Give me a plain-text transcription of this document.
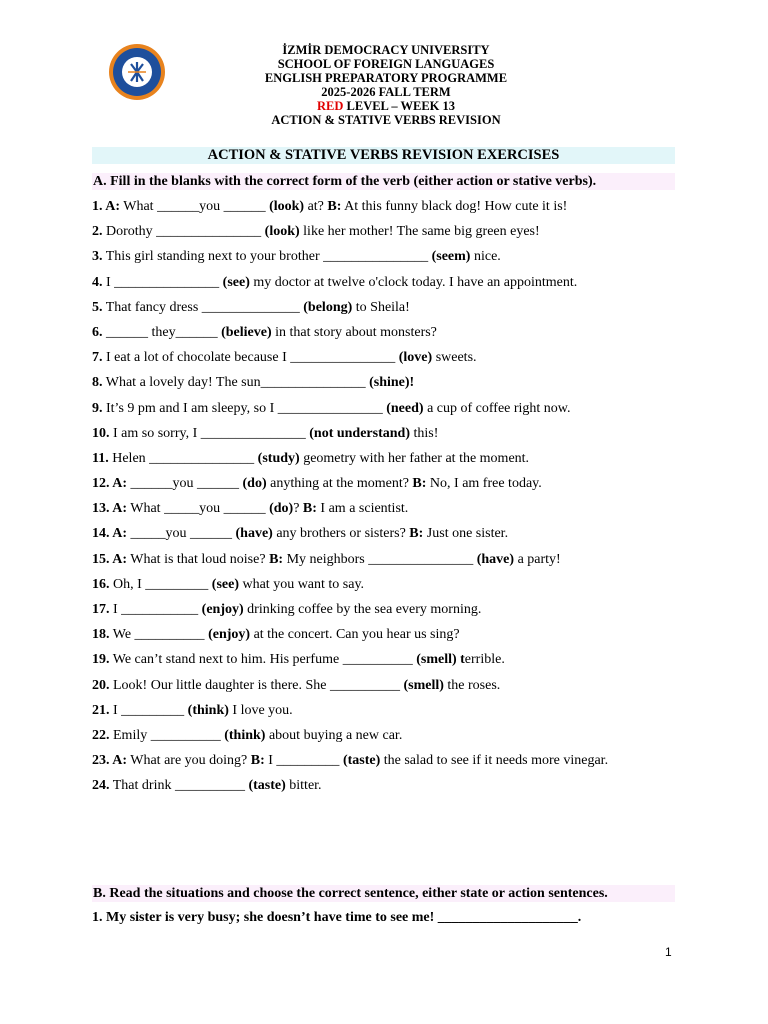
İZMİR DEMOCRACY UNIVERSITY
SCHOOL OF FOREIGN LANGUAGES
ENGLISH PREPARATORY PROGRAMME
2025-2026 FALL TERM
RED LEVEL – WEEK 13
ACTION & STATIVE VERBS REVISION
ACTION & STATIVE VERBS REVISION EXERCISES
A. Fill in the blanks with the correct form of the verb (either action or stative verbs).
1. A: What ______you ______ (look) at? B: At this funny black dog! How cute it is!
2. Dorothy _______________ (look) like her mother! The same big green eyes!
3. This girl standing next to your brother _______________ (seem) nice.
4. I _______________ (see) my doctor at twelve o'clock today. I have an appointment.
5. That fancy dress ______________ (belong) to Sheila!
6. ______ they______ (believe) in that story about monsters?
7. I eat a lot of chocolate because I _______________ (love) sweets.
8. What a lovely day! The sun_______________ (shine)!
9. It’s 9 pm and I am sleepy, so I _______________ (need) a cup of coffee right now.
10. I am so sorry, I _______________ (not understand) this!
11. Helen _______________ (study) geometry with her father at the moment.
12. A: ______you ______ (do) anything at the moment? B: No, I am free today.
13. A: What _____you ______ (do)? B: I am a scientist.
14. A: _____you ______ (have) any brothers or sisters? B: Just one sister.
15. A: What is that loud noise? B: My neighbors _______________ (have) a party!
16. Oh, I _________ (see) what you want to say.
17. I ___________ (enjoy) drinking coffee by the sea every morning.
18. We __________ (enjoy) at the concert. Can you hear us sing?
19. We can’t stand next to him. His perfume __________ (smell) terrible.
20. Look! Our little daughter is there. She __________ (smell) the roses.
21. I _________ (think) I love you.
22. Emily __________ (think) about buying a new car.
23. A: What are you doing? B: I _________ (taste) the salad to see if it needs more vinegar.
24. That drink __________ (taste) bitter.
B. Read the situations and choose the correct sentence, either state or action sentences.
1. My sister is very busy; she doesn’t have time to see me! ____________________.
1
